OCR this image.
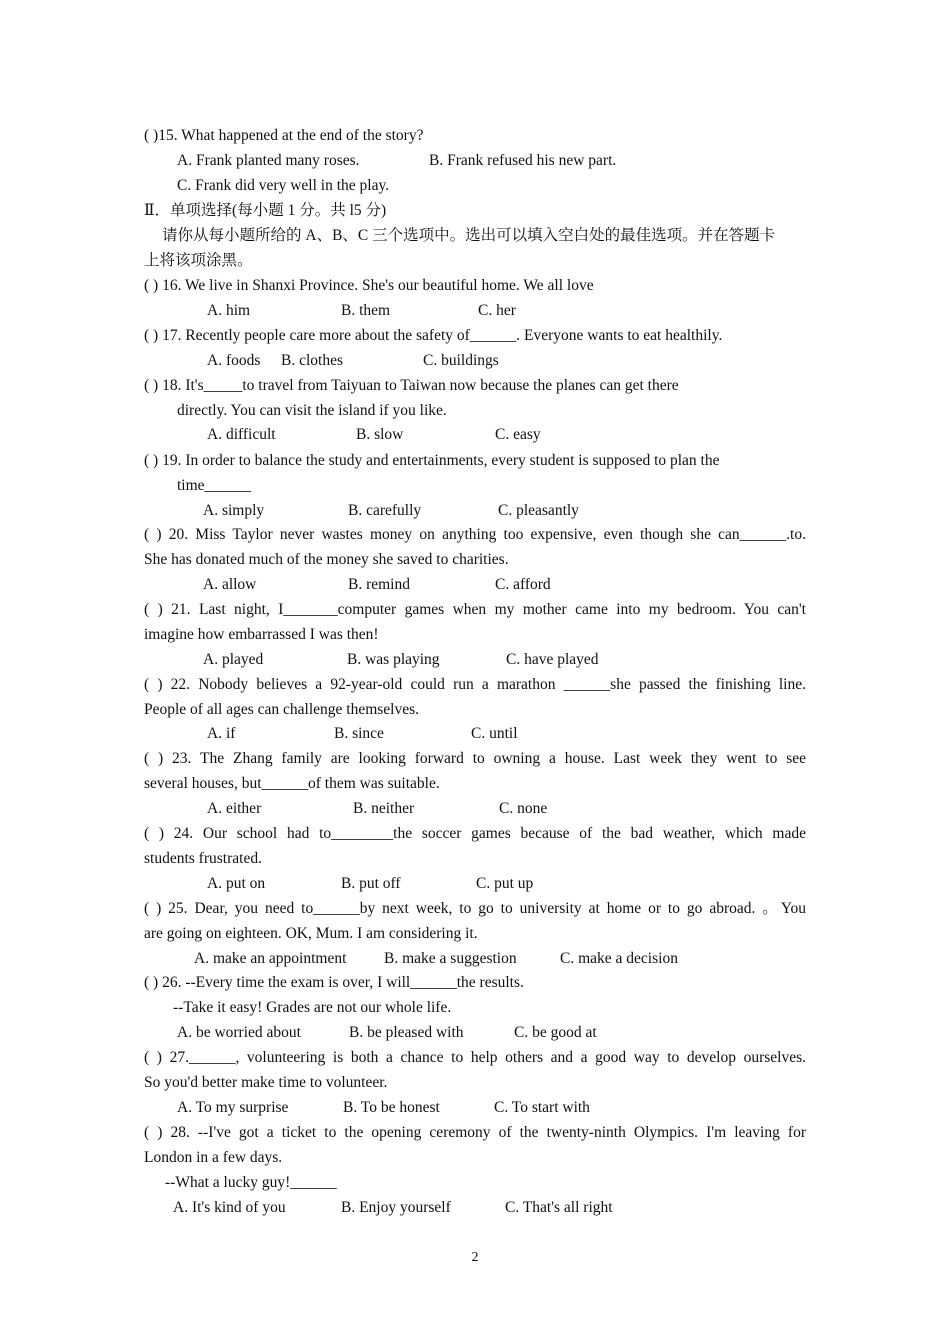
( )15. What happened at the end of the story?
A. Frank planted many roses.	B. Frank refused his new part.
C. Frank did very well in the play.
Ⅱ．单项选择(每小题 1 分。共 l5 分)
请你从每小题所给的 A、B、C 三个选项中。选出可以填入空白处的最佳选项。并在答题卡
上将该项涂黑。
( ) 16. We live in Shanxi Province. She's our beautiful home. We all love
A. him	B. them	C. her
( ) 17. Recently people care more about the safety of______. Everyone wants to eat healthily.
A. foods B. clothes	C. buildings
( ) 18. It's_____to travel from Taiyuan to Taiwan now because the planes can get there
directly. You can visit the island if you like.
A. difficult	B. slow	C. easy
( ) 19. In order to balance the study and entertainments, every student is supposed to plan the
time______
A. simply	B. carefully	C. pleasantly
( ) 20. Miss Taylor never wastes money on anything too expensive, even though she can______.to.
She has donated much of the money she saved to charities.
A. allow	B. remind	C. afford
( ) 21. Last night, I_______computer games when my mother came into my bedroom. You can't
imagine how embarrassed I was then!
A. played	B. was playing	C. have played
( ) 22. Nobody believes a 92-year-old could run a marathon ______she passed the finishing line.
People of all ages can challenge themselves.
A. if	B. since	C. until
( ) 23. The Zhang family are looking forward to owning a house. Last week they went to see
several houses, but______of them was suitable.
A. either	B. neither	C. none
( ) 24. Our school had to________the soccer games because of the bad weather, which made
students frustrated.
A. put on	B. put off	C. put up
( ) 25. Dear, you need to______by next week, to go to university at home or to go abroad. 。You
are going on eighteen. OK, Mum. I am considering it.
A. make an appointment B. make a suggestion	C. make a decision
( ) 26. --Every time the exam is over, I will______the results.
--Take it easy! Grades are not our whole life.
A. be worried about	B. be pleased with	C. be good at
( ) 27.______, volunteering is both a chance to help others and a good way to develop ourselves.
So you'd better make time to volunteer.
A. To my surprise	B. To be honest	C. To start with
( ) 28. --I've got a ticket to the opening ceremony of the twenty-ninth Olympics. I'm leaving for
London in a few days.
--What a lucky guy!______
A. It's kind of you	B. Enjoy yourself	C. That's all right
2
